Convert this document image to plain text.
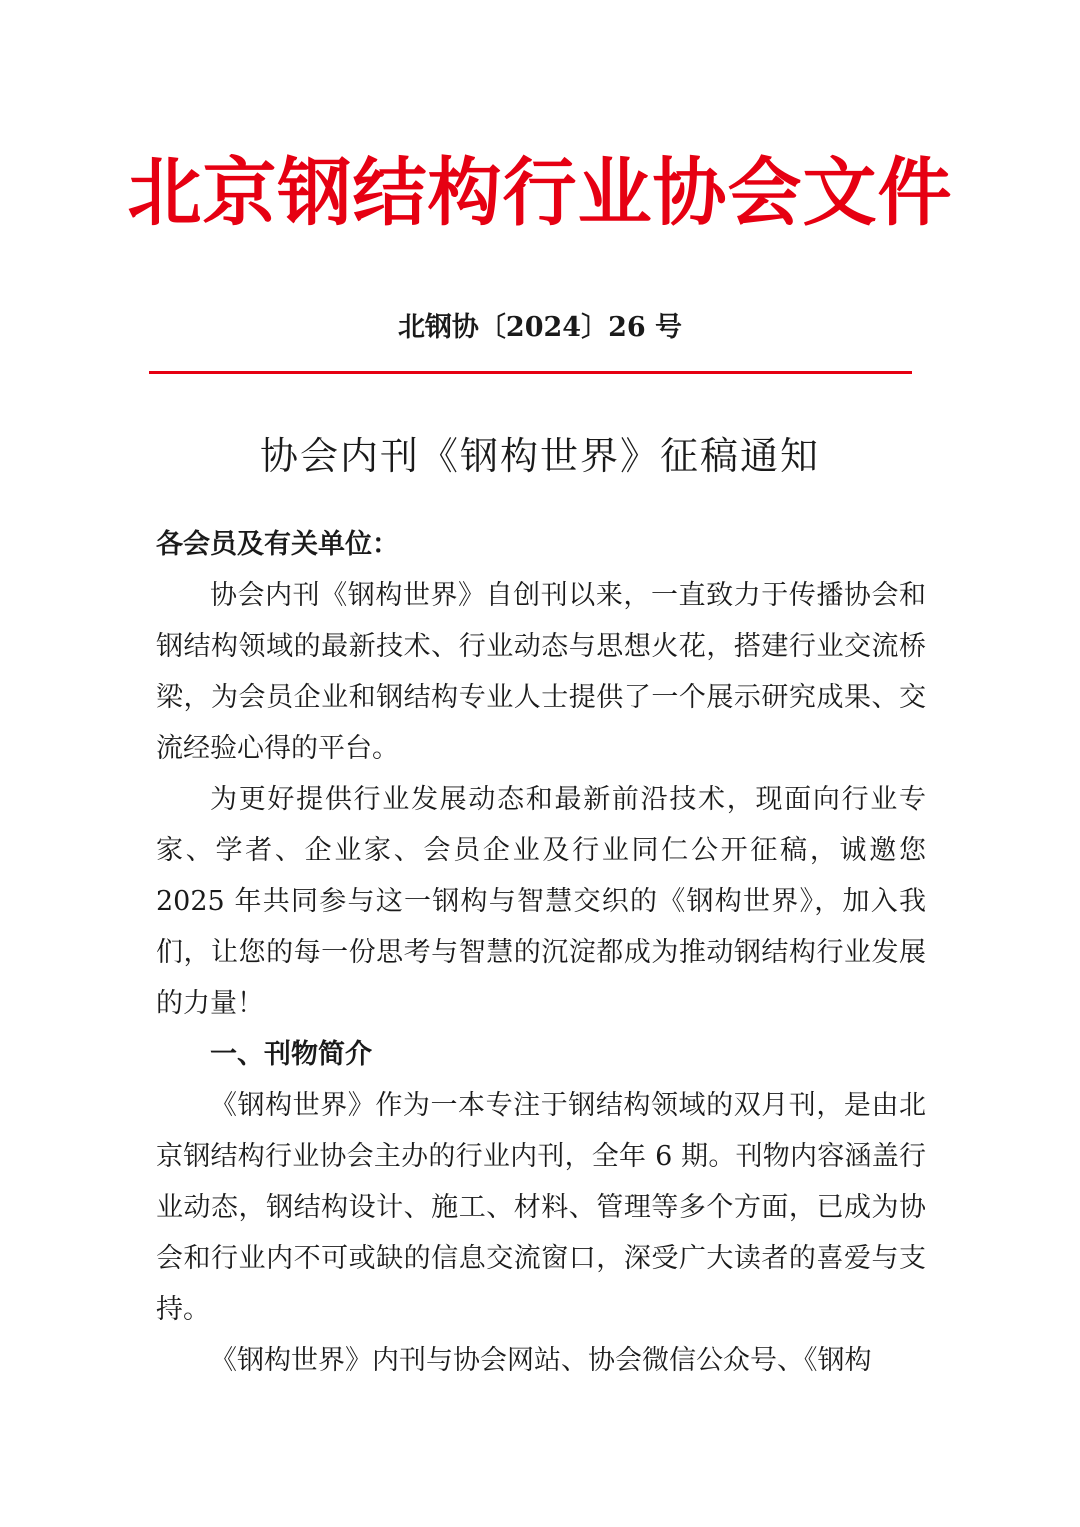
北京钢结构行业协会文件
北钢协〔2024〕26 号
协会内刊《钢构世界》征稿通知

各会员及有关单位：

协会内刊《钢构世界》自创刊以来，一直致力于传播协会和钢结构领域的最新技术、行业动态与思想火花，搭建行业交流桥梁，为会员企业和钢结构专业人士提供了一个展示研究成果、交流经验心得的平台。

为更好提供行业发展动态和最新前沿技术，现面向行业专家、学者、企业家、会员企业及行业同仁公开征稿，诚邀您2025 年共同参与这一钢构与智慧交织的《钢构世界》，加入我们，让您的每一份思考与智慧的沉淀都成为推动钢结构行业发展的力量！

一、刊物简介

《钢构世界》作为一本专注于钢结构领域的双月刊，是由北京钢结构行业协会主办的行业内刊，全年 6 期。刊物内容涵盖行业动态，钢结构设计、施工、材料、管理等多个方面，已成为协会和行业内不可或缺的信息交流窗口，深受广大读者的喜爱与支持。

《钢构世界》内刊与协会网站、协会微信公众号、《钢构
